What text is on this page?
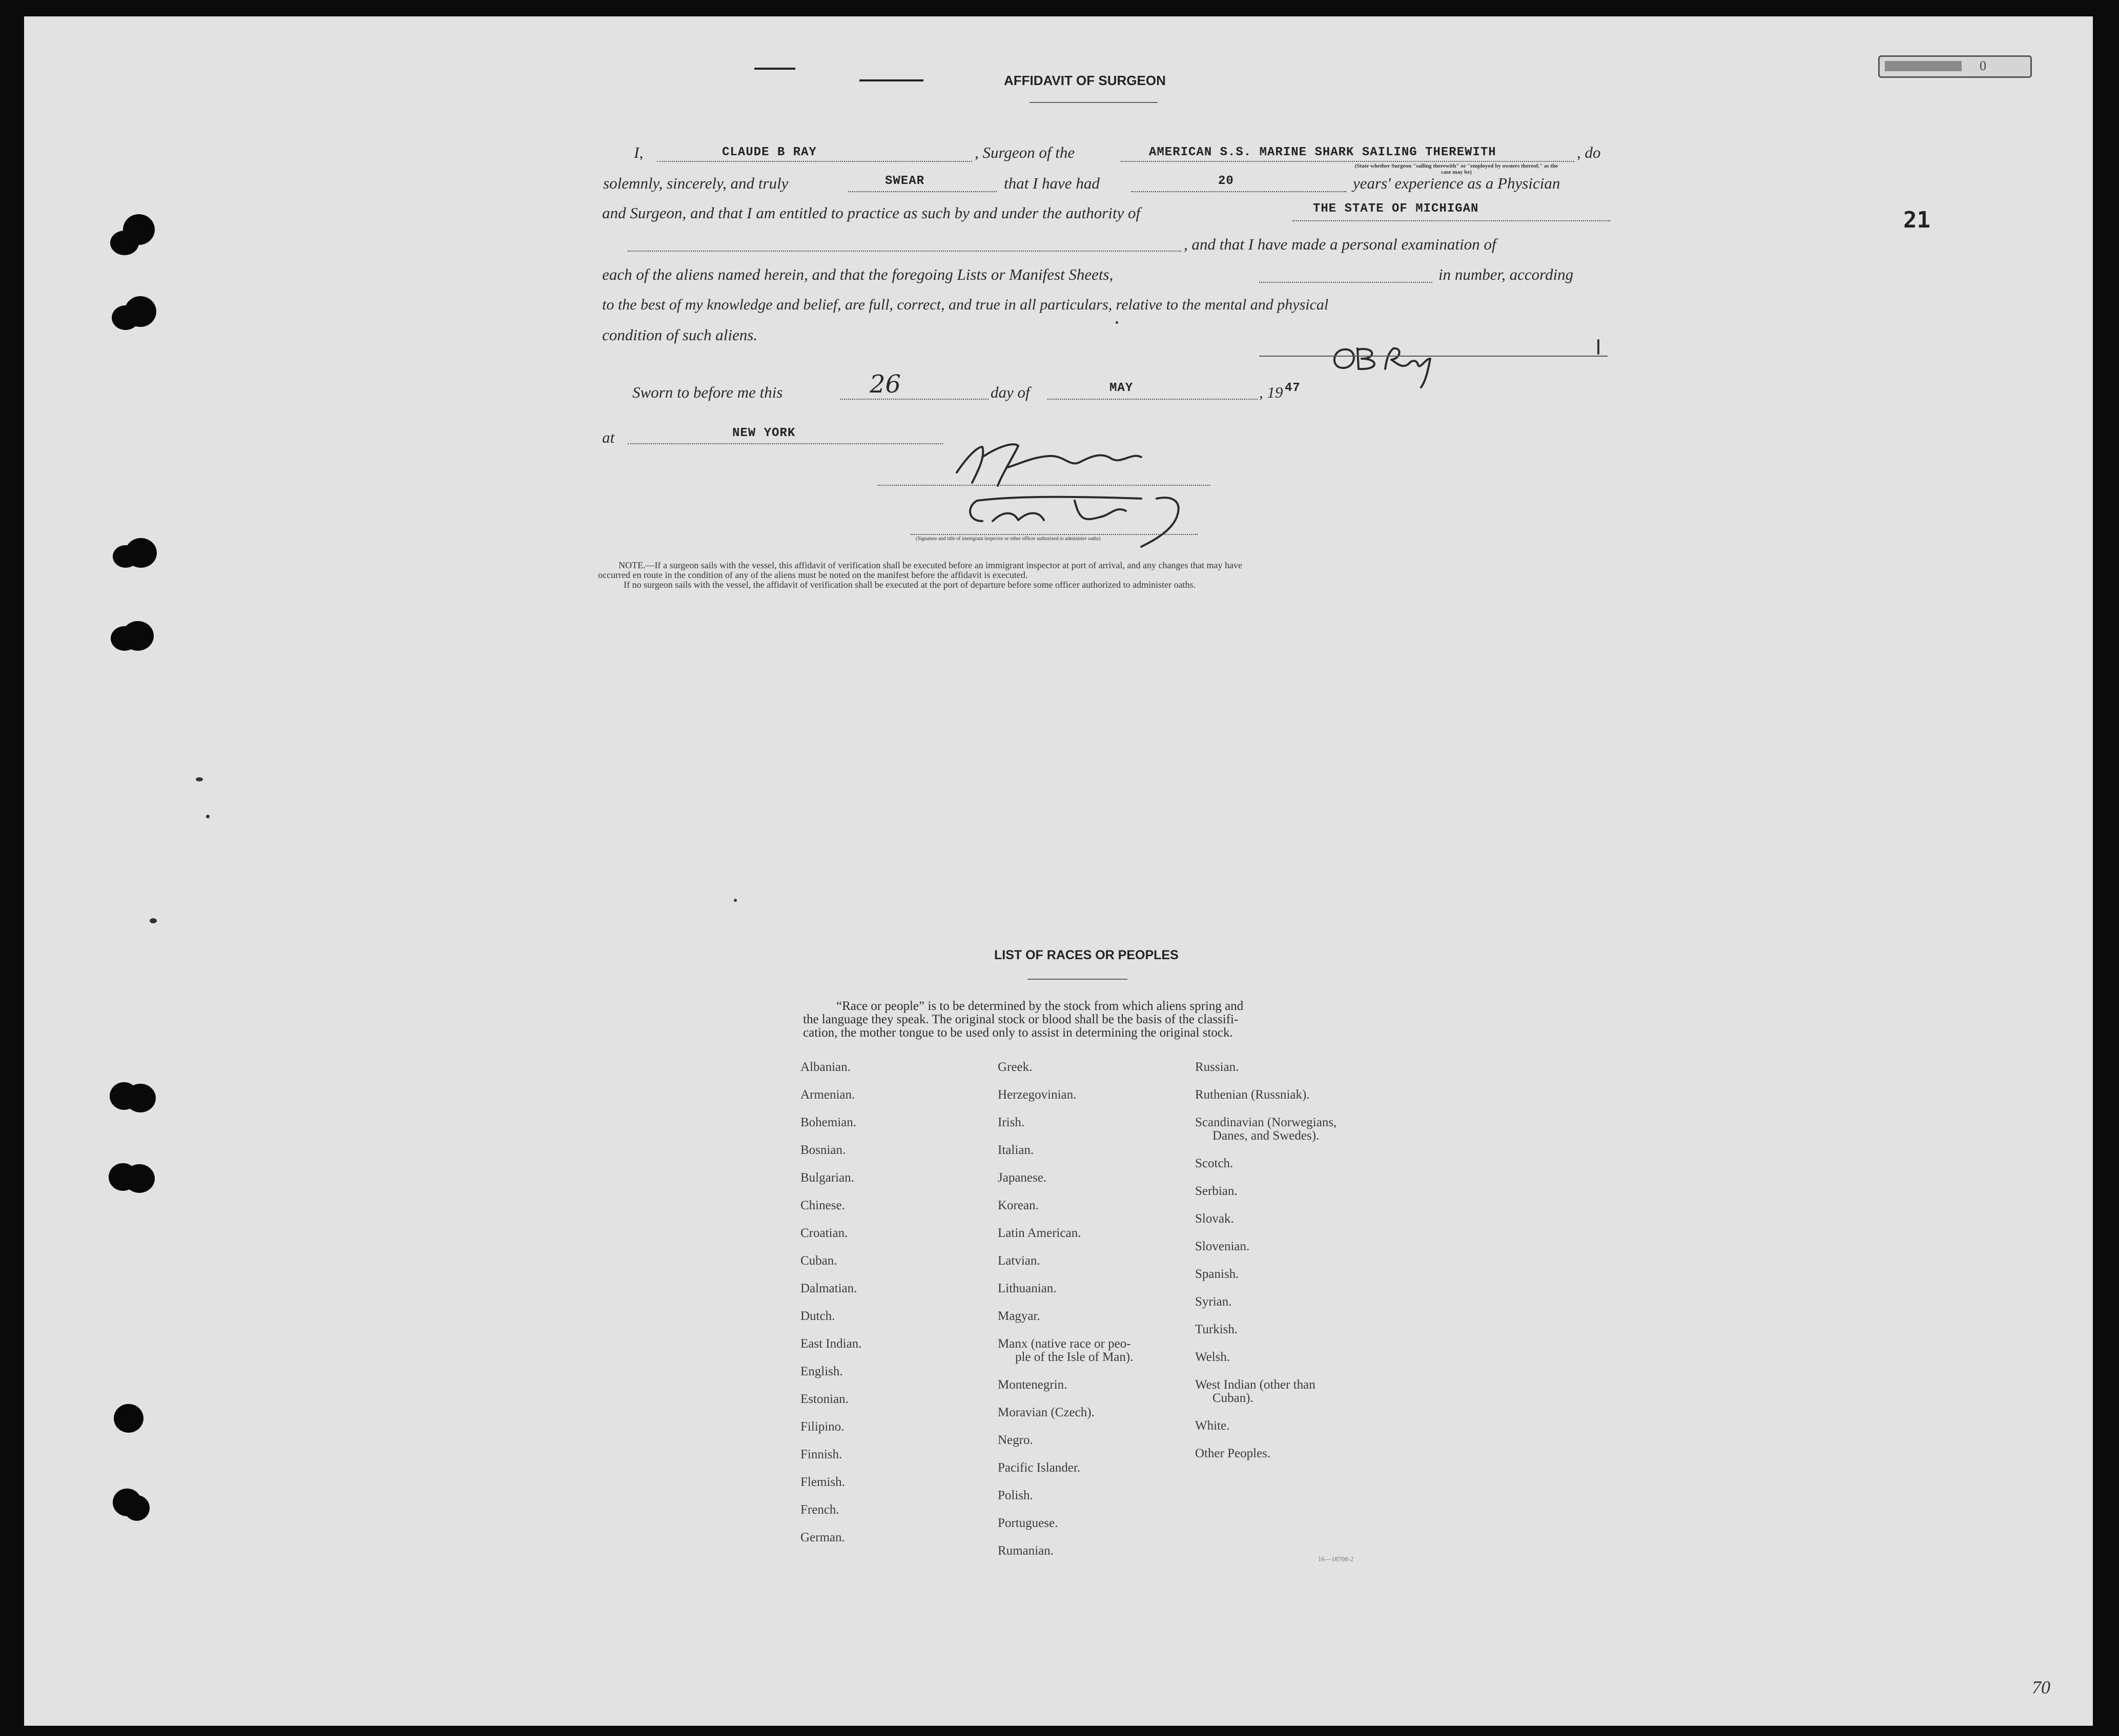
0
21
AFFIDAVIT OF SURGEON
I,	CLAUDE B RAY	, Surgeon of the	AMERICAN S.S. MARINE SHARK SAILING THEREWITH	, do
(State whether Surgeon "sailing therewith" or "employed by owners thereof," as the case may be)
solemnly, sincerely, and truly	SWEAR	that I have had	20	years' experience as a Physician
and Surgeon, and that I am entitled to practice as such by and under the authority of	THE STATE OF MICHIGAN
, and that I have made a personal examination of
each of the aliens named herein, and that the foregoing Lists or Manifest Sheets,	in number, according
to the best of my knowledge and belief, are full, correct, and true in all particulars, relative to the mental and physical
condition of such aliens.
Sworn to before me this	26	day of	MAY	, 19 47
at	NEW YORK
(Signature and title of immigrant inspector or other officer authorized to administer oaths)
NOTE.—If a surgeon sails with the vessel, this affidavit of verification shall be executed before an immigrant inspector at port of arrival, and any changes that may have
occurred en route in the condition of any of the aliens must be noted on the manifest before the affidavit is executed.
If no surgeon sails with the vessel, the affidavit of verification shall be executed at the port of departure before some officer authorized to administer oaths.
LIST OF RACES OR PEOPLES
“Race or people” is to be determined by the stock from which aliens spring and
the language they speak. The original stock or blood shall be the basis of the classifi-
cation, the mother tongue to be used only to assist in determining the original stock.
Albanian.
Armenian.
Bohemian.
Bosnian.
Bulgarian.
Chinese.
Croatian.
Cuban.
Dalmatian.
Dutch.
East Indian.
English.
Estonian.
Filipino.
Finnish.
Flemish.
French.
German.
Greek.
Herzegovinian.
Irish.
Italian.
Japanese.
Korean.
Latin American.
Latvian.
Lithuanian.
Magyar.
Manx (native race or peo-
ple of the Isle of Man).
Montenegrin.
Moravian (Czech).
Negro.
Pacific Islander.
Polish.
Portuguese.
Rumanian.
Russian.
Ruthenian (Russniak).
Scandinavian (Norwegians,
Danes, and Swedes).
Scotch.
Serbian.
Slovak.
Slovenian.
Spanish.
Syrian.
Turkish.
Welsh.
West Indian (other than
Cuban).
White.
Other Peoples.
16—18708-2
70
